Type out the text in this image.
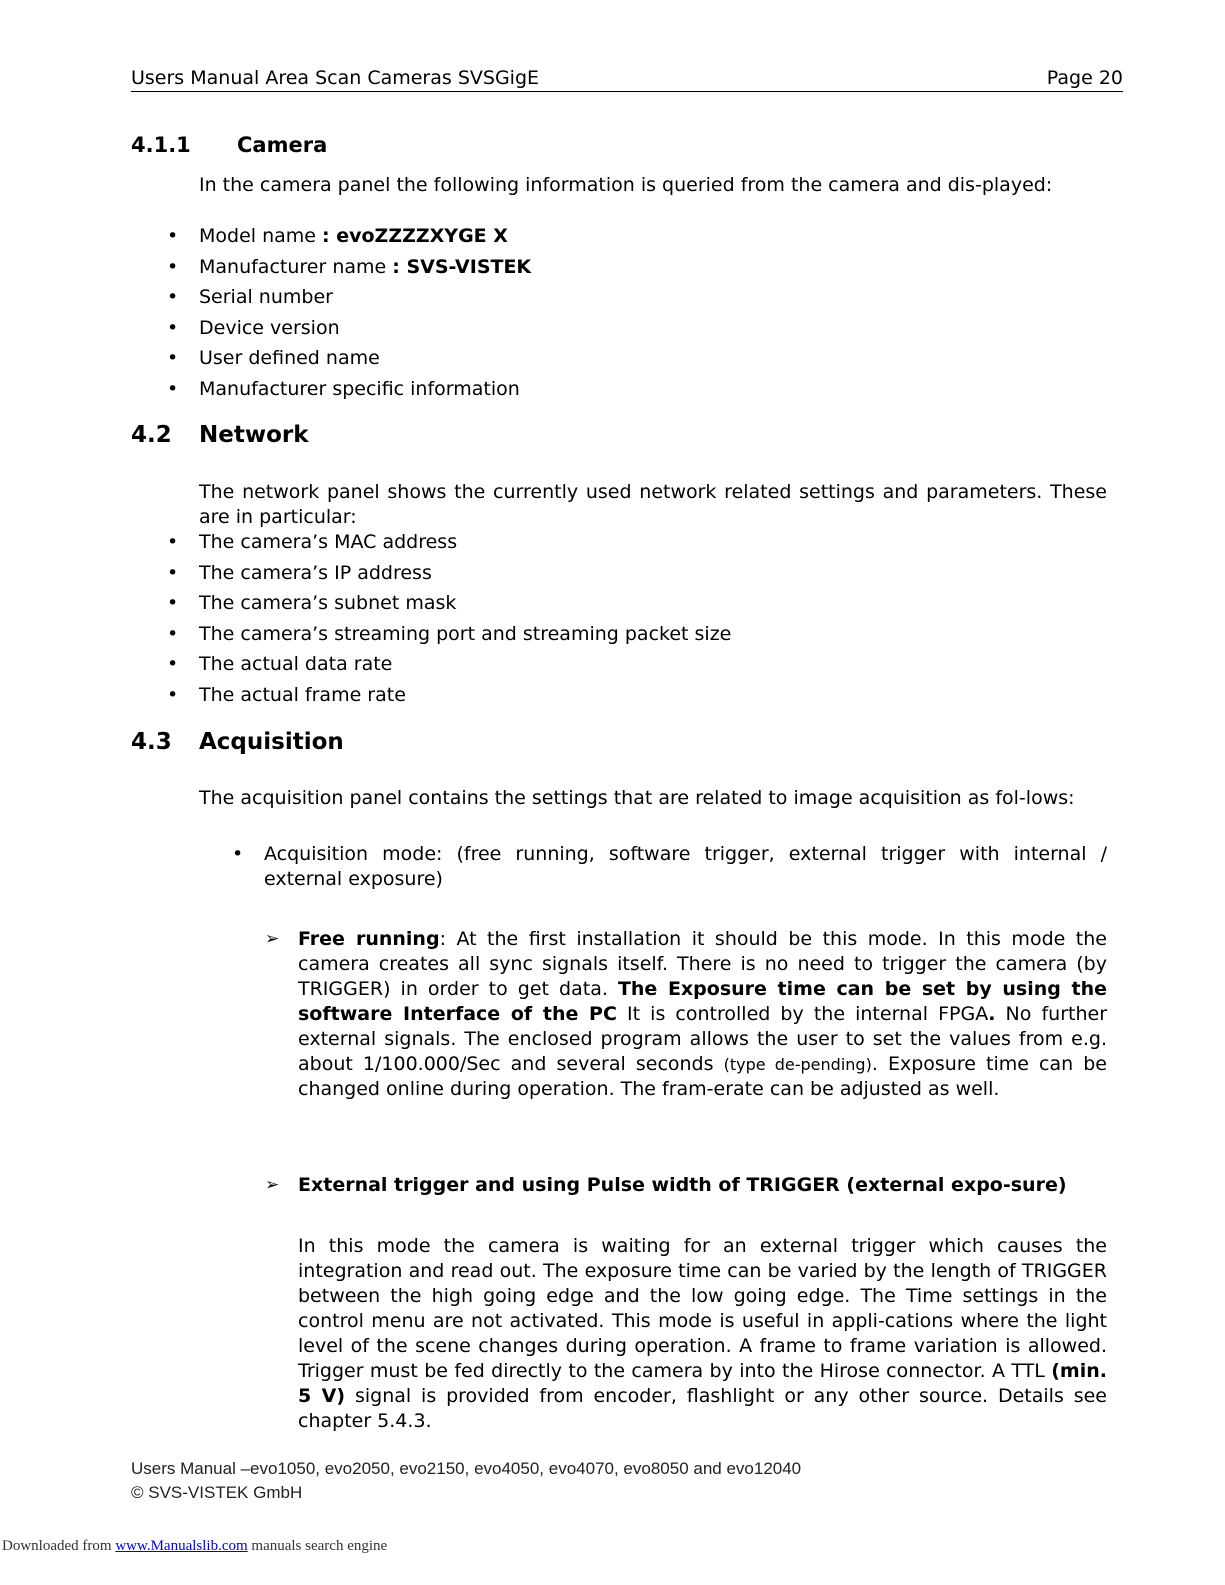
Users Manual Area Scan Cameras SVSGigE	Page 20
4.1.1 Camera
In the camera panel the following information is queried from the camera and dis-played:
• Model name : evoZZZZXYGE X
• Manufacturer name : SVS-VISTEK
• Serial number
• Device version
• User defined name
• Manufacturer specific information
4.2 Network
The network panel shows the currently used network related settings and parameters. These are in particular:
• The camera’s MAC address
• The camera’s IP address
• The camera’s subnet mask
• The camera’s streaming port and streaming packet size
• The actual data rate
• The actual frame rate
4.3 Acquisition
The acquisition panel contains the settings that are related to image acquisition as fol-lows:
• Acquisition mode: (free running, software trigger, external trigger with internal / external exposure)
➢ Free running: At the first installation it should be this mode. In this mode the camera creates all sync signals itself. There is no need to trigger the camera (by TRIGGER) in order to get data. The Exposure time can be set by using the software Interface of the PC It is controlled by the internal FPGA. No further external signals. The enclosed program allows the user to set the values from e.g. about 1/100.000/Sec and several seconds (type de-pending). Exposure time can be changed online during operation. The fram-erate can be adjusted as well.
➢ External trigger and using Pulse width of TRIGGER (external expo-sure)
In this mode the camera is waiting for an external trigger which causes the integration and read out. The exposure time can be varied by the length of TRIGGER between the high going edge and the low going edge. The Time settings in the control menu are not activated. This mode is useful in appli-cations where the light level of the scene changes during operation. A frame to frame variation is allowed. Trigger must be fed directly to the camera by into the Hirose connector. A TTL (min. 5 V) signal is provided from encoder, flashlight or any other source. Details see chapter 5.4.3.
Users Manual –evo1050, evo2050, evo2150, evo4050, evo4070, evo8050 and evo12040
© SVS-VISTEK GmbH
Downloaded from www.Manualslib.com manuals search engine
